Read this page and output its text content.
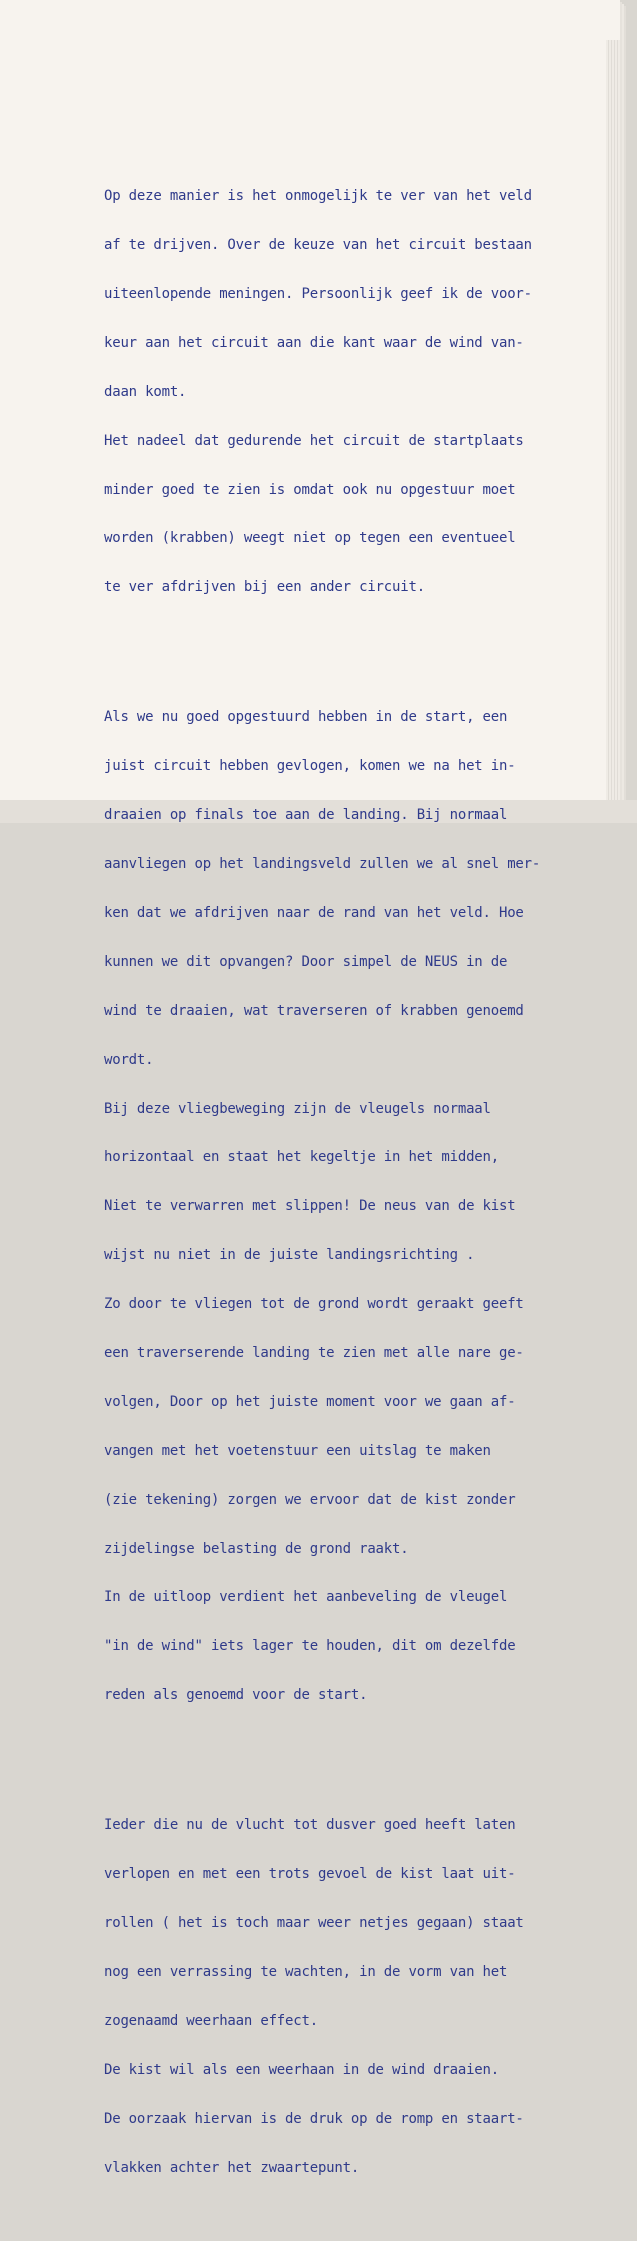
Op deze manier is het onmogelijk te ver van het veld

af te drijven. Over de keuze van het circuit bestaan

uiteenlopende meningen. Persoonlijk geef ik de voor-

keur aan het circuit aan die kant waar de wind van-

daan komt.

Het nadeel dat gedurende het circuit de startplaats

minder goed te zien is omdat ook nu opgestuur moet

worden (krabben) weegt niet op tegen een eventueel

te ver afdrijven bij een ander circuit.

Als we nu goed opgestuurd hebben in de start, een

juist circuit hebben gevlogen, komen we na het in-

draaien op finals toe aan de landing. Bij normaal

aanvliegen op het landingsveld zullen we al snel mer-

ken dat we afdrijven naar de rand van het veld. Hoe

kunnen we dit opvangen? Door simpel de NEUS in de

wind te draaien, wat traverseren of krabben genoemd

wordt.

Bij deze vliegbeweging zijn de vleugels normaal

horizontaal en staat het kegeltje in het midden,

Niet te verwarren met slippen! De neus van de kist

wijst nu niet in de juiste landingsrichting .

Zo door te vliegen tot de grond wordt geraakt geeft

een traverserende landing te zien met alle nare ge-

volgen, Door op het juiste moment voor we gaan af-

vangen met het voetenstuur een uitslag te maken

(zie tekening) zorgen we ervoor dat de kist zonder

zijdelingse belasting de grond raakt.

In de uitloop verdient het aanbeveling de vleugel

"in de wind" iets lager te houden, dit om dezelfde

reden als genoemd voor de start.

Ieder die nu de vlucht tot dusver goed heeft laten

verlopen en met een trots gevoel de kist laat uit-

rollen ( het is toch maar weer netjes gegaan) staat

nog een verrassing te wachten, in de vorm van het

zogenaamd weerhaan effect.

De kist wil als een weerhaan in de wind draaien.

De oorzaak hiervan is de druk op de romp en staart-

vlakken achter het zwaartepunt.
